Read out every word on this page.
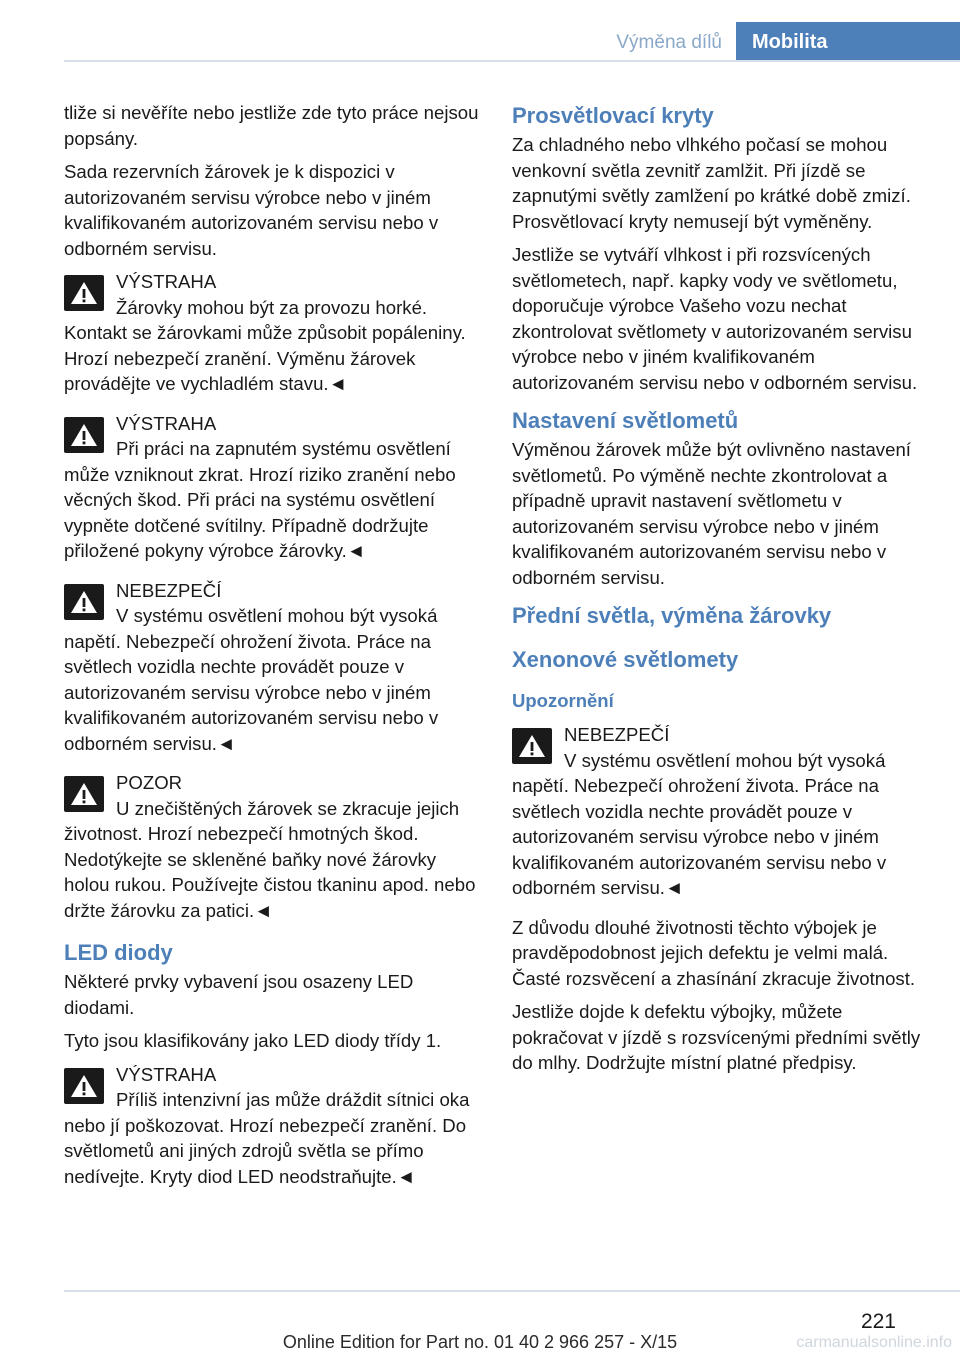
Výměna dílů	Mobilita

tliže si nevěříte nebo jestliže zde tyto práce nejsou popsány.

Sada rezervních žárovek je k dispozici v autorizovaném servisu výrobce nebo v jiném kvalifikovaném autorizovaném servisu nebo v odborném servisu.

VÝSTRAHA
Žárovky mohou být za provozu horké. Kontakt se žárovkami může způsobit popáleniny. Hrozí nebezpečí zranění. Výměnu žárovek provádějte ve vychladlém stavu.◄
VÝSTRAHA
Při práci na zapnutém systému osvětlení může vzniknout zkrat. Hrozí riziko zranění nebo věcných škod. Při práci na systému osvětlení vypněte dotčené svítilny. Případně dodržujte přiložené pokyny výrobce žárovky.◄
NEBEZPEČÍ
V systému osvětlení mohou být vysoká napětí. Nebezpečí ohrožení života. Práce na světlech vozidla nechte provádět pouze v autorizovaném servisu výrobce nebo v jiném kvalifikovaném autorizovaném servisu nebo v odborném servisu.◄
POZOR
U znečištěných žárovek se zkracuje jejich životnost. Hrozí nebezpečí hmotných škod. Nedotýkejte se skleněné baňky nové žárovky holou rukou. Používejte čistou tkaninu apod. nebo držte žárovku za patici.◄
LED diody

Některé prvky vybavení jsou osazeny LED diodami.

Tyto jsou klasifikovány jako LED diody třídy 1.

VÝSTRAHA
Příliš intenzivní jas může dráždit sítnici oka nebo jí poškozovat. Hrozí nebezpečí zranění. Do světlometů ani jiných zdrojů světla se přímo nedívejte. Kryty diod LED neodstraňujte.◄
Prosvětlovací kryty

Za chladného nebo vlhkého počasí se mohou venkovní světla zevnitř zamlžit. Při jízdě se zapnutými světly zamlžení po krátké době zmizí. Prosvětlovací kryty nemusejí být vyměněny.

Jestliže se vytváří vlhkost i při rozsvícených světlometech, např. kapky vody ve světlometu, doporučuje výrobce Vašeho vozu nechat zkontrolovat světlomety v autorizovaném servisu výrobce nebo v jiném kvalifikovaném autorizovaném servisu nebo v odborném servisu.

Nastavení světlometů

Výměnou žárovek může být ovlivněno nastavení světlometů. Po výměně nechte zkontrolovat a případně upravit nastavení světlometu v autorizovaném servisu výrobce nebo v jiném kvalifikovaném autorizovaném servisu nebo v odborném servisu.

Přední světla, výměna žárovky
Xenonové světlomety
Upozornění
NEBEZPEČÍ
V systému osvětlení mohou být vysoká napětí. Nebezpečí ohrožení života. Práce na světlech vozidla nechte provádět pouze v autorizovaném servisu výrobce nebo v jiném kvalifikovaném autorizovaném servisu nebo v odborném servisu.◄

Z důvodu dlouhé životnosti těchto výbojek je pravděpodobnost jejich defektu je velmi malá. Časté rozsvěcení a zhasínání zkracuje životnost.

Jestliže dojde k defektu výbojky, můžete pokračovat v jízdě s rozsvícenými předními světly do mlhy. Dodržujte místní platné předpisy.

221
Online Edition for Part no. 01 40 2 966 257 - X/15	carmanualsonline.info
